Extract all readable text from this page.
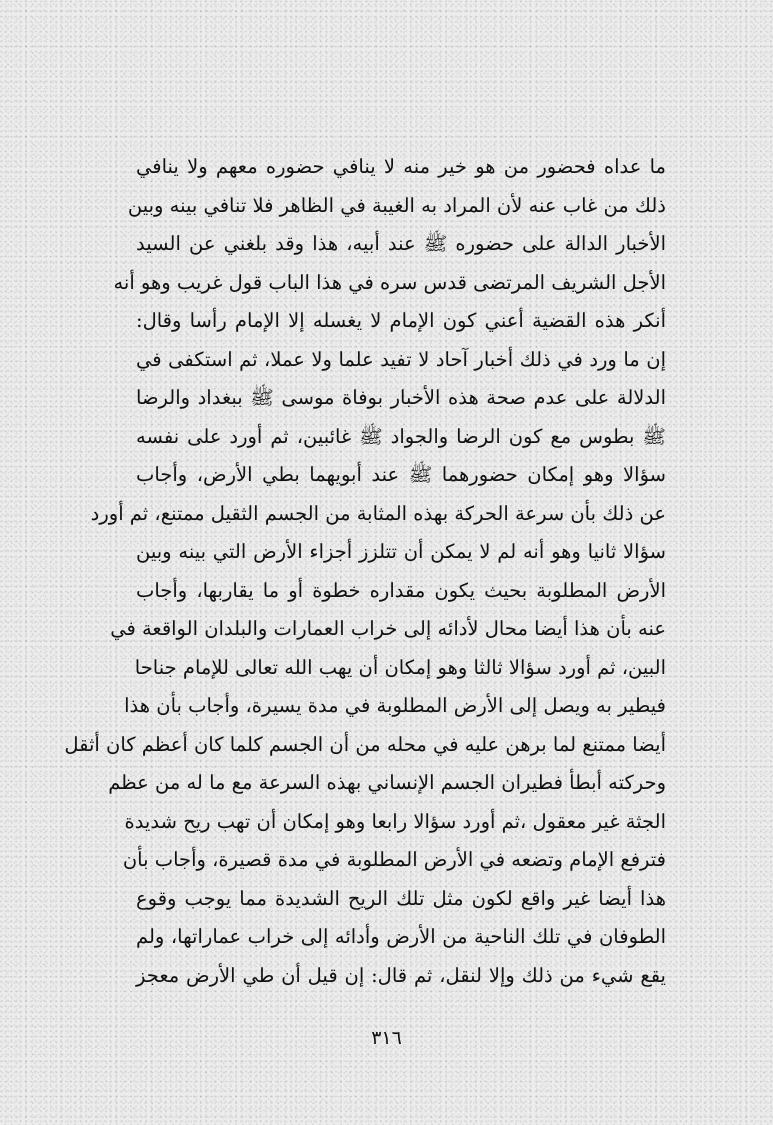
ما عداه فحضور من هو خير منه لا ينافي حضوره معهم ولا ينافي
ذلك من غاب عنه لأن المراد به الغيبة في الظاهر فلا تنافي بينه وبين
الأخبار الدالة على حضوره ﷺ عند أبيه، هذا وقد بلغني عن السيد
الأجل الشريف المرتضى قدس سره في هذا الباب قول غريب وهو أنه
أنكر هذه القضية أعني كون الإمام لا يغسله إلا الإمام رأسا وقال:
إن ما ورد في ذلك أخبار آحاد لا تفيد علما ولا عملا، ثم استكفى في
الدلالة على عدم صحة هذه الأخبار بوفاة موسى ﷺ ببغداد والرضا
ﷺ بطوس مع كون الرضا والجواد ﷺ غائبين، ثم أورد على نفسه
سؤالا وهو إمكان حضورهما ﷺ عند أبويهما بطي الأرض، وأجاب
عن ذلك بأن سرعة الحركة بهذه المثابة من الجسم الثقيل ممتنع، ثم أورد
سؤالا ثانيا وهو أنه لم لا يمكن أن تتلزز أجزاء الأرض التي بينه وبين
الأرض المطلوبة بحيث يكون مقداره خطوة أو ما يقاربها، وأجاب
عنه بأن هذا أيضا محال لأدائه إلى خراب العمارات والبلدان الواقعة في
البين، ثم أورد سؤالا ثالثا وهو إمكان أن يهب الله تعالى للإمام جناحا
فيطير به ويصل إلى الأرض المطلوبة في مدة يسيرة، وأجاب بأن هذا
أيضا ممتنع لما برهن عليه في محله من أن الجسم كلما كان أعظم كان أثقل
وحركته أبطأ فطيران الجسم الإنساني بهذه السرعة مع ما له من عظم
الجثة غير معقول ،ثم أورد سؤالا رابعا وهو إمكان أن تهب ريح شديدة
فترفع الإمام وتضعه في الأرض المطلوبة في مدة قصيرة، وأجاب بأن
هذا أيضا غير واقع لكون مثل تلك الريح الشديدة مما يوجب وقوع
الطوفان في تلك الناحية من الأرض وأدائه إلى خراب عماراتها، ولم
يقع شيء من ذلك وإلا لنقل، ثم قال: إن قيل أن طي الأرض معجز
٣١٦
